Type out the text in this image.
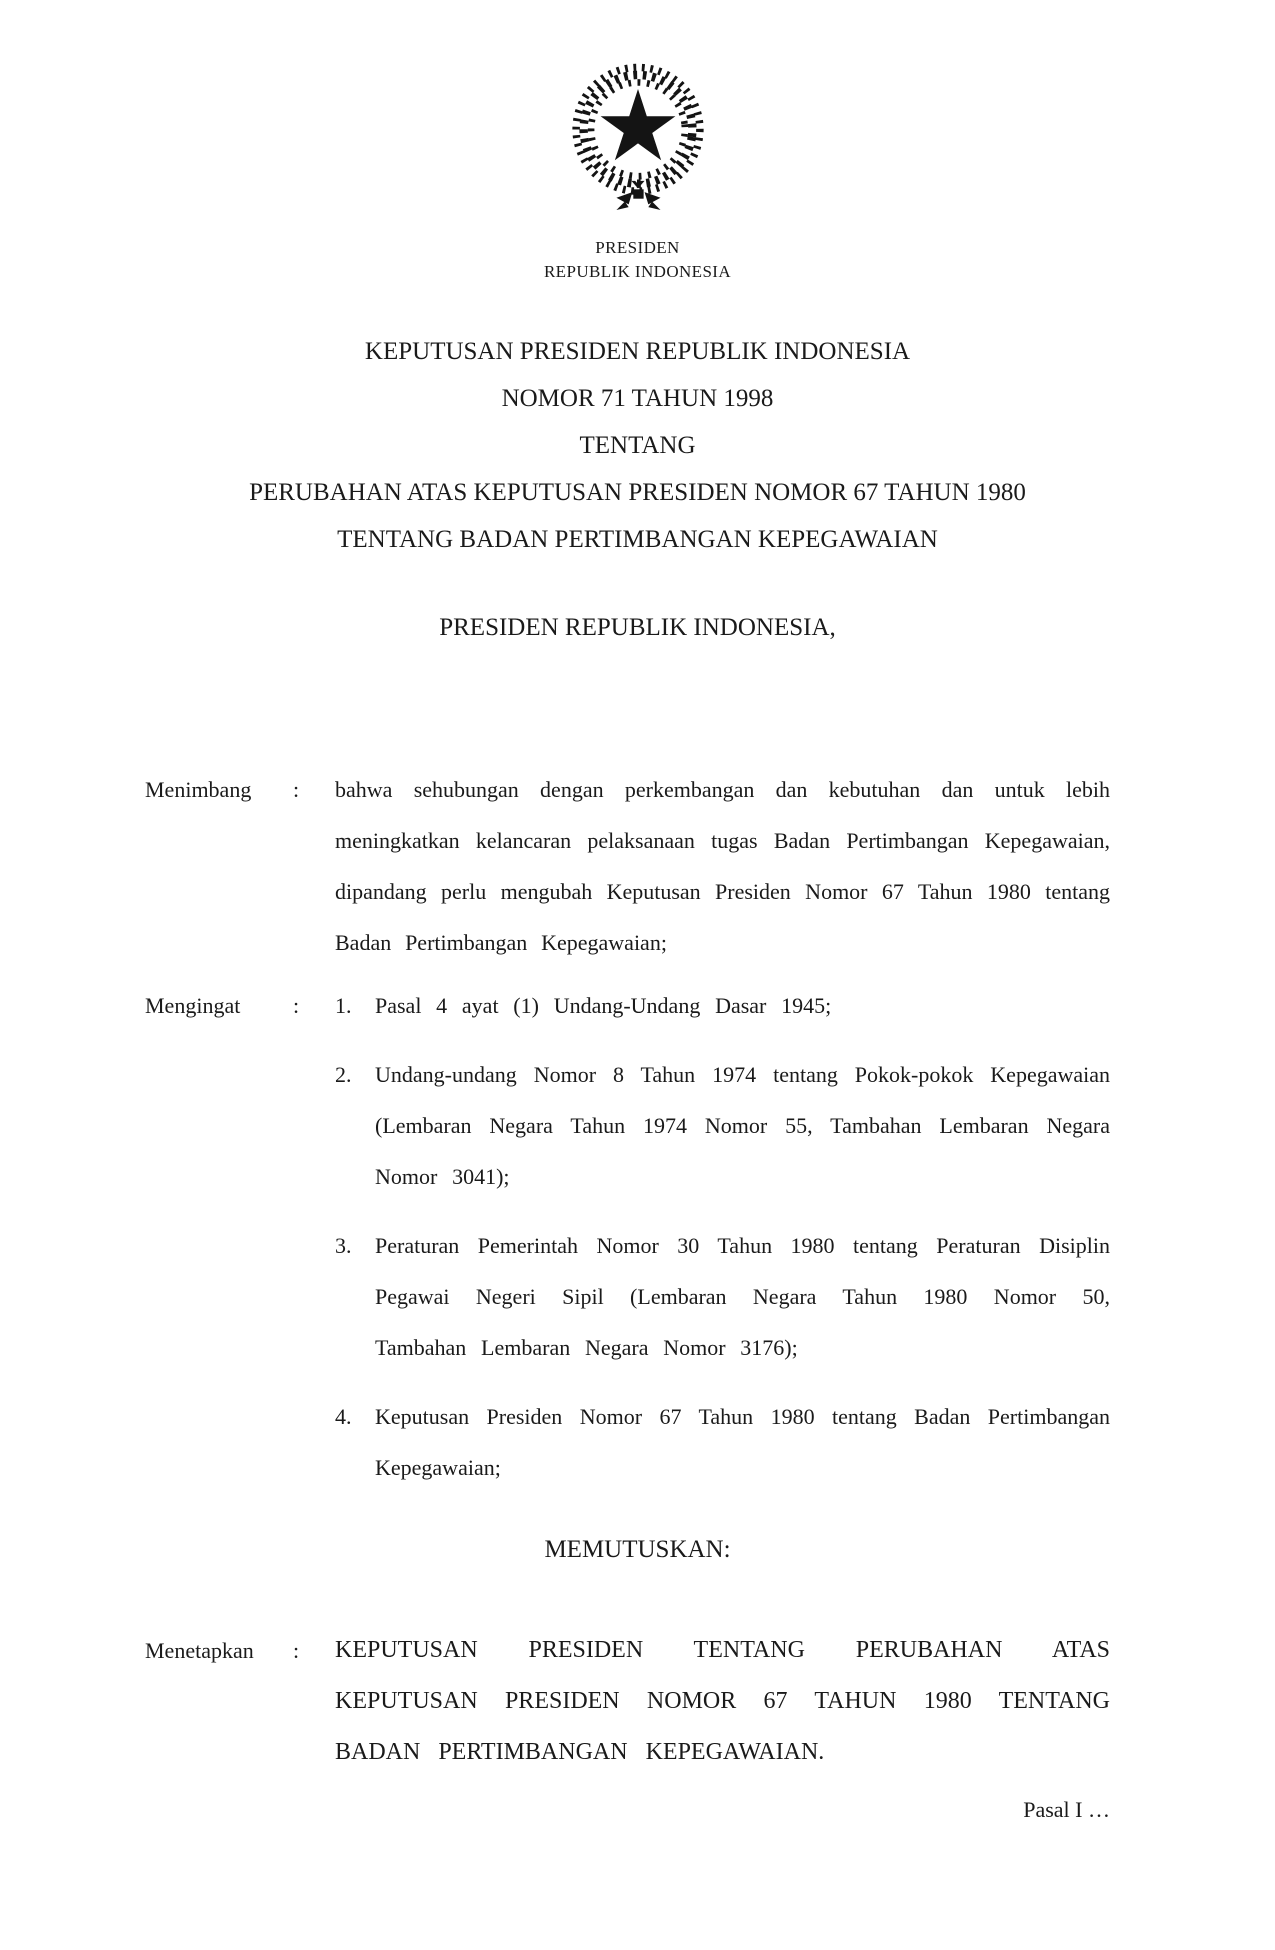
PRESIDEN
REPUBLIK INDONESIA
KEPUTUSAN PRESIDEN REPUBLIK INDONESIA
NOMOR 71 TAHUN 1998
TENTANG
PERUBAHAN ATAS KEPUTUSAN PRESIDEN NOMOR 67 TAHUN 1980
TENTANG BADAN PERTIMBANGAN KEPEGAWAIAN
PRESIDEN REPUBLIK INDONESIA,
Menimbang	:	bahwa sehubungan dengan perkembangan dan kebutuhan dan untuk lebih meningkatkan kelancaran pelaksanaan tugas Badan Pertimbangan Kepegawaian, dipandang perlu mengubah Keputusan Presiden Nomor 67 Tahun 1980 tentang Badan Pertimbangan Kepegawaian;
Mengingat	:	1.	Pasal 4 ayat (1) Undang-Undang Dasar 1945;
2.	Undang-undang Nomor 8 Tahun 1974 tentang Pokok-pokok Kepegawaian (Lembaran Negara Tahun 1974 Nomor 55, Tambahan Lembaran Negara Nomor 3041);
3.	Peraturan Pemerintah Nomor 30 Tahun 1980 tentang Peraturan Disiplin Pegawai Negeri Sipil (Lembaran Negara Tahun 1980 Nomor 50, Tambahan Lembaran Negara Nomor 3176);
4.	Keputusan Presiden Nomor 67 Tahun 1980 tentang Badan Pertimbangan Kepegawaian;
MEMUTUSKAN:
Menetapkan	:	KEPUTUSAN PRESIDEN TENTANG PERUBAHAN ATAS KEPUTUSAN PRESIDEN NOMOR 67 TAHUN 1980 TENTANG BADAN PERTIMBANGAN KEPEGAWAIAN.
Pasal I …
